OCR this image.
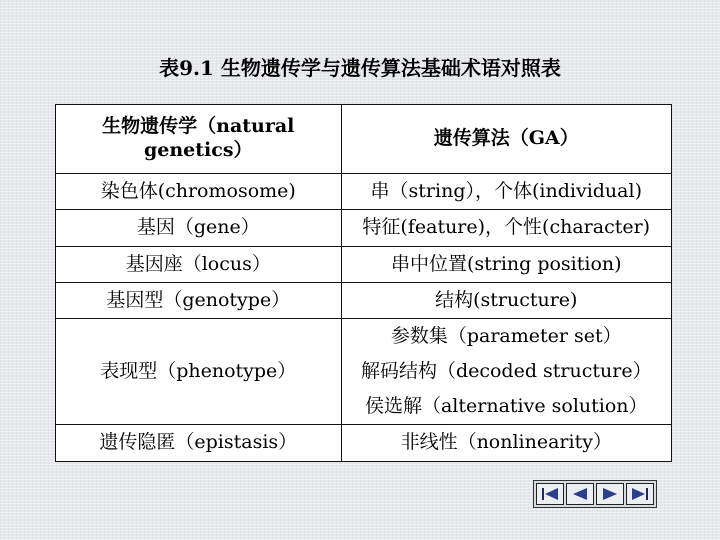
表9.1 生物遗传学与遗传算法基础术语对照表
生物遗传学（natural genetics）	遗传算法（GA）
染色体(chromosome)	串（string），个体(individual)
基因（gene）	特征(feature)，个性(character)
基因座（locus）	串中位置(string position)
基因型（genotype）	结构(structure)
表现型（phenotype）	参数集（parameter set）
解码结构（decoded structure）
侯选解（alternative solution）

遗传隐匿（epistasis）	非线性（nonlinearity）
